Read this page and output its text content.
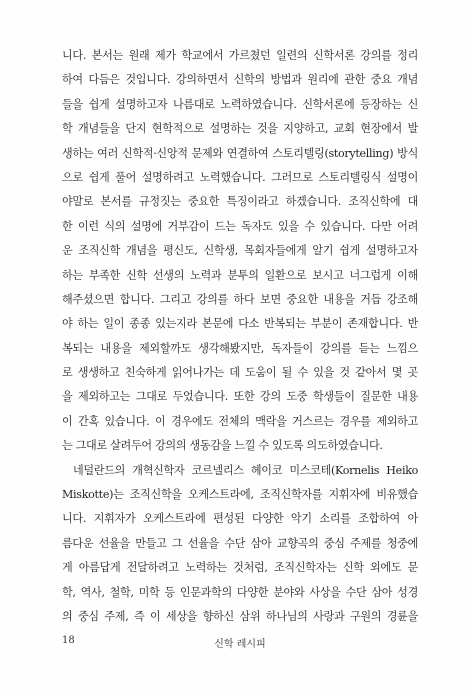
니다. 본서는 원래 제가 학교에서 가르쳤던 일련의 신학서론 강의를 정리
하여 다듬은 것입니다. 강의하면서 신학의 방법과 원리에 관한 중요 개념
들을 쉽게 설명하고자 나름대로 노력하였습니다. 신학서론에 등장하는 신
학 개념들을 단지 현학적으로 설명하는 것을 지양하고, 교회 현장에서 발
생하는 여러 신학적·신앙적 문제와 연결하여 스토리텔링(storytelling) 방식
으로 쉽게 풀어 설명하려고 노력했습니다. 그러므로 스토리텔링식 설명이
야말로 본서를 규정짓는 중요한 특징이라고 하겠습니다. 조직신학에 대
한 이런 식의 설명에 거부감이 드는 독자도 있을 수 있습니다. 다만 어려
운 조직신학 개념을 평신도, 신학생, 목회자들에게 알기 쉽게 설명하고자
하는 부족한 신학 선생의 노력과 분투의 일환으로 보시고 너그럽게 이해
해주셨으면 합니다. 그리고 강의를 하다 보면 중요한 내용을 거듭 강조해
야 하는 일이 종종 있는지라 본문에 다소 반복되는 부분이 존재합니다. 반
복되는 내용을 제외할까도 생각해봤지만, 독자들이 강의를 듣는 느낌으
로 생생하고 친숙하게 읽어나가는 데 도움이 될 수 있을 것 같아서 몇 곳
을 제외하고는 그대로 두었습니다. 또한 강의 도중 학생들이 질문한 내용
이 간혹 있습니다. 이 경우에도 전체의 맥락을 거스르는 경우를 제외하고
는 그대로 살려두어 강의의 생동감을 느낄 수 있도록 의도하였습니다.
네덜란드의 개혁신학자 코르넬리스 헤이코 미스코테(Kornelis Heiko
Miskotte)는 조직신학을 오케스트라에, 조직신학자를 지휘자에 비유했습
니다. 지휘자가 오케스트라에 편성된 다양한 악기 소리를 조합하여 아
름다운 선율을 만들고 그 선율을 수단 삼아 교향곡의 중심 주제를 청중에
게 아름답게 전달하려고 노력하는 것처럼, 조직신학자는 신학 외에도 문
학, 역사, 철학, 미학 등 인문과학의 다양한 분야와 사상을 수단 삼아 성경
의 중심 주제, 즉 이 세상을 향하신 삼위 하나님의 사랑과 구원의 경륜을
18	신학 레시피
